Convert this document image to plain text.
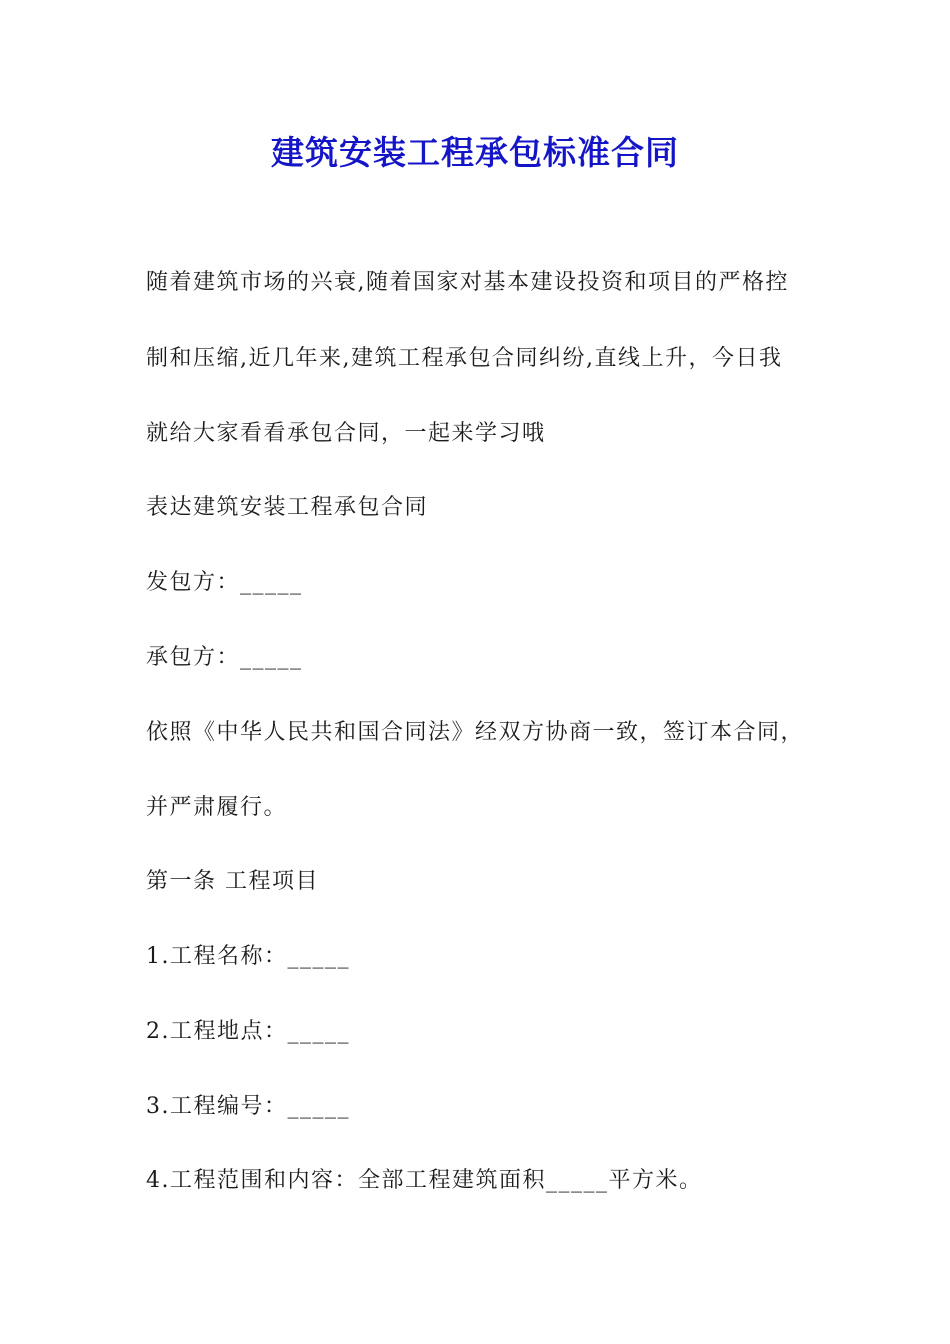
建筑安装工程承包标准合同

随着建筑市场的兴衰,随着国家对基本建设投资和项目的严格控

制和压缩,近几年来,建筑工程承包合同纠纷,直线上升，今日我

就给大家看看承包合同，一起来学习哦

表达建筑安装工程承包合同

发包方：_____

承包方：_____

依照《中华人民共和国合同法》经双方协商一致，签订本合同，

并严肃履行。

第一条 工程项目

1.工程名称：_____

2.工程地点：_____

3.工程编号：_____

4.工程范围和内容：全部工程建筑面积_____平方米。
